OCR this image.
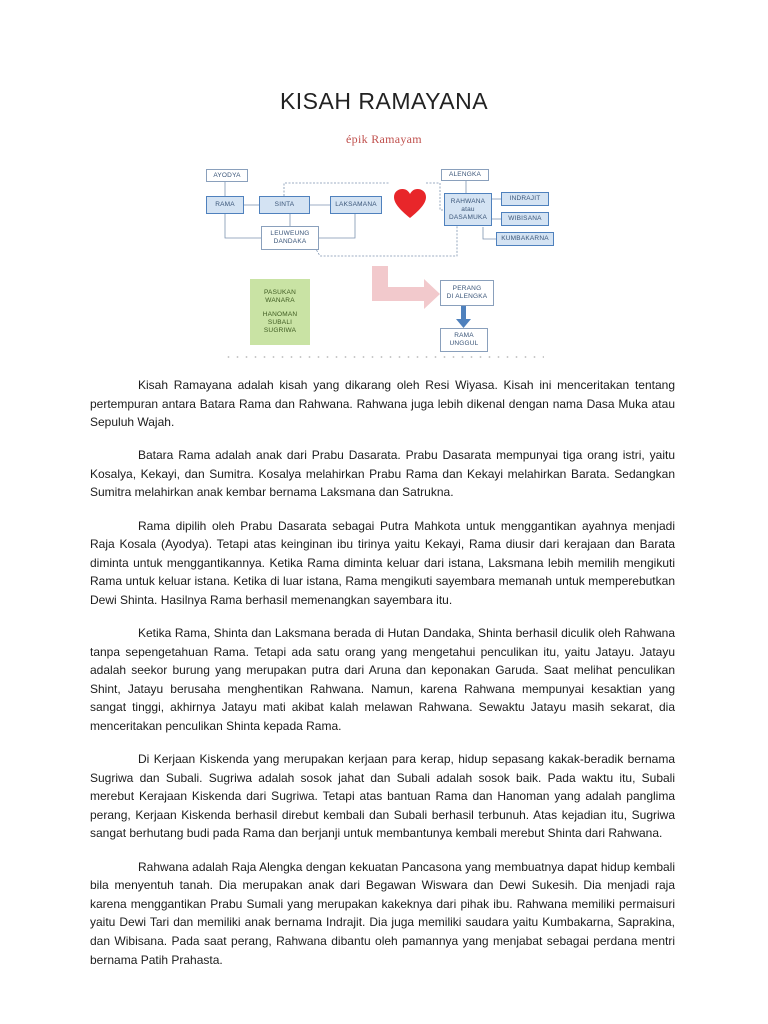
KISAH RAMAYANA
épik Ramayam
AYODYA
RAMA	SINTA	LAKSAMANA
LEUWEUNG
DANDAKA
ALENGKA
RAHWANA
atau
DASAMUKA
INDRAJIT
WIBISANA
KUMBAKARNA
PASUKAN
WANARA
HANOMAN
SUBALI
SUGRIWA
PERANG
DI ALENGKA
RAMA
UNGGUL

Kisah Ramayana adalah kisah yang dikarang oleh Resi Wiyasa. Kisah ini menceritakan tentang pertempuran antara Batara Rama dan Rahwana. Rahwana juga lebih dikenal dengan nama Dasa Muka atau Sepuluh Wajah.

Batara Rama adalah anak dari Prabu Dasarata. Prabu Dasarata mempunyai tiga orang istri, yaitu Kosalya, Kekayi, dan Sumitra. Kosalya melahirkan Prabu Rama dan Kekayi melahirkan Barata. Sedangkan Sumitra melahirkan anak kembar bernama Laksmana dan Satrukna.

Rama dipilih oleh Prabu Dasarata sebagai Putra Mahkota untuk menggantikan ayahnya menjadi Raja Kosala (Ayodya). Tetapi atas keinginan ibu tirinya yaitu Kekayi, Rama diusir dari kerajaan dan Barata diminta untuk menggantikannya. Ketika Rama diminta keluar dari istana, Laksmana lebih memilih mengikuti Rama untuk keluar istana. Ketika di luar istana, Rama mengikuti sayembara memanah untuk memperebutkan Dewi Shinta. Hasilnya Rama berhasil memenangkan sayembara itu.

Ketika Rama, Shinta dan Laksmana berada di Hutan Dandaka, Shinta berhasil diculik oleh Rahwana tanpa sepengetahuan Rama. Tetapi ada satu orang yang mengetahui penculikan itu, yaitu Jatayu. Jatayu adalah seekor burung yang merupakan putra dari Aruna dan keponakan Garuda. Saat melihat penculikan Shint, Jatayu berusaha menghentikan Rahwana. Namun, karena Rahwana mempunyai kesaktian yang sangat tinggi, akhirnya Jatayu mati akibat kalah melawan Rahwana. Sewaktu Jatayu masih sekarat, dia menceritakan penculikan Shinta kepada Rama.

Di Kerjaan Kiskenda yang merupakan kerjaan para kerap, hidup sepasang kakak-beradik bernama Sugriwa dan Subali. Sugriwa adalah sosok jahat dan Subali adalah sosok baik. Pada waktu itu, Subali merebut Kerajaan Kiskenda dari Sugriwa. Tetapi atas bantuan Rama dan Hanoman yang adalah panglima perang, Kerjaan Kiskenda berhasil direbut kembali dan Subali berhasil terbunuh. Atas kejadian itu, Sugriwa sangat berhutang budi pada Rama dan berjanji untuk membantunya kembali merebut Shinta dari Rahwana.

Rahwana adalah Raja Alengka dengan kekuatan Pancasona yang membuatnya dapat hidup kembali bila menyentuh tanah. Dia merupakan anak dari Begawan Wiswara dan Dewi Sukesih. Dia menjadi raja karena menggantikan Prabu Sumali yang merupakan kakeknya dari pihak ibu. Rahwana memiliki permaisuri yaitu Dewi Tari dan memiliki anak bernama Indrajit. Dia juga memiliki saudara yaitu Kumbakarna, Saprakina, dan Wibisana. Pada saat perang, Rahwana dibantu oleh pamannya yang menjabat sebagai perdana mentri bernama Patih Prahasta.
